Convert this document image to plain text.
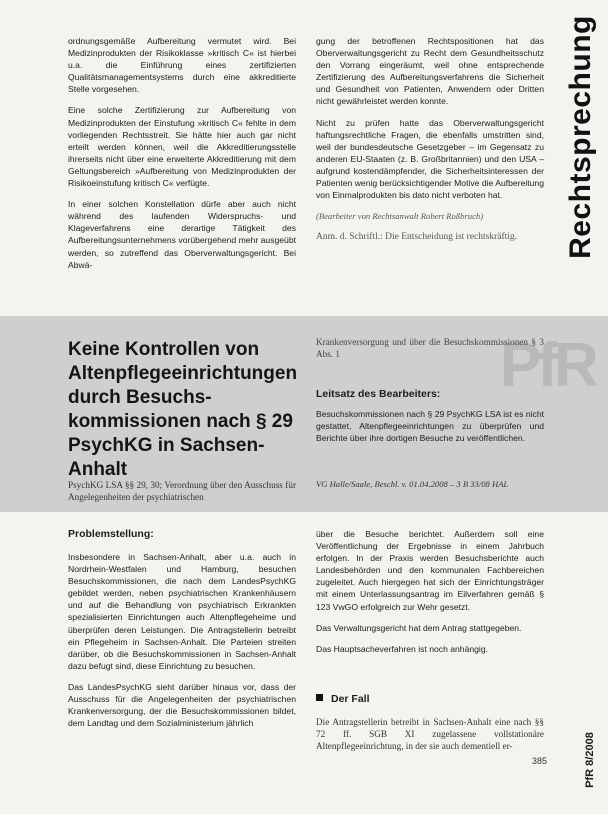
Rechtsprechung

ordnungsgemäße Aufbereitung vermutet wird. Bei Medizinprodukten der Risikoklasse »kritisch C« ist hierbei u.a. die Einführung eines zertifizierten Qualitätsmanagementsystems durch eine akkreditierte Stelle vorgesehen.

Eine solche Zertifizierung zur Aufbereitung von Medizinprodukten der Einstufung »kritisch C« fehlte in dem vorliegenden Rechtsstreit. Sie hätte hier auch gar nicht erteilt werden können, weil die Akkreditierungsstelle ihrerseits nicht über eine erweiterte Akkreditierung mit dem Geltungsbereich »Aufbereitung von Medizinprodukten der Risikoeinstufung kritisch C« verfügte.

In einer solchen Konstellation dürfe aber auch nicht während des laufenden Widerspruchs- und Klageverfahrens eine derartige Tätigkeit des Aufbereitungsunternehmens vorübergehend mehr ausgeübt werden, so zutreffend das Oberverwaltungsgericht. Bei Abwä-

gung der betroffenen Rechtspositionen hat das Oberverwaltungsgericht zu Recht dem Gesundheitsschutz den Vorrang eingeräumt, weil ohne entsprechende Zertifizierung des Aufbereitungsverfahrens die Sicherheit und Gesundheit von Patienten, Anwendern oder Dritten nicht gewährleistet werden konnte.

Nicht zu prüfen hatte das Oberverwaltungsgericht haftungsrechtliche Fragen, die ebenfalls umstritten sind, weil der bundesdeutsche Gesetzgeber – im Gegensatz zu anderen EU-Staaten (z. B. Großbritannien) und den USA – aufgrund kostendämpfender, die Sicherheitsinteressen der Patienten wenig berücksichtigender Motive die Aufbereitung von Einmalprodukten bis dato nicht verboten hat.

(Bearbeiter von Rechtsanwalt Robert Roßbruch)

Anm. d. Schriftl.: Die Entscheidung ist rechtskräftig.

PfR
Keine Kontrollen von
Altenpflegeeinrichtungen
durch Besuchs-
kommissionen nach § 29
PsychKG in Sachsen-Anhalt
PsychKG LSA §§ 29, 30; Verordnung über den Ausschuss für Angelegenheiten der psychiatrischen
Krankenversorgung und über die Besuchskommissionen § 3 Abs. 1
Leitsatz des Bearbeiters:
Besuchskommissionen nach § 29 PsychKG LSA ist es nicht gestattet, Altenpflegeeinrichtungen zu überprüfen und Berichte über ihre dortigen Besuche zu veröffentlichen.
VG Halle/Saale, Beschl. v. 01.04.2008 – 3 B 33/08 HAL
Problemstellung:

Insbesondere in Sachsen-Anhalt, aber u.a. auch in Nordrhein-Westfalen und Hamburg, besuchen Besuchskommissionen, die nach dem LandesPsychKG gebildet werden, neben psychiatrischen Krankenhäusern und auf die Behandlung von psychiatrisch Erkrankten spezialisierten Einrichtungen auch Altenpflegeheime und überprüfen deren Leistungen. Die Antragstellerin betreibt ein Pflegeheim in Sachsen-Anhalt. Die Parteien streiten darüber, ob die Besuchskommissionen in Sachsen-Anhalt dazu befugt sind, diese Einrichtung zu besuchen.

Das LandesPsychKG sieht darüber hinaus vor, dass der Ausschuss für die Angelegenheiten der psychiatrischen Krankenversorgung, der die Besuchskommissionen bildet, dem Landtag und dem Sozialministerium jährlich

über die Besuche berichtet. Außerdem soll eine Veröffentlichung der Ergebnisse in einem Jahrbuch erfolgen. In der Praxis werden Besuchsberichte auch Landesbehörden und den kommunalen Fachbereichen zugeleitet. Auch hiergegen hat sich der Einrichtungsträger mit einem Unterlassungsantrag im Eilverfahren gemäß § 123 VwGO erfolgreich zur Wehr gesetzt.

Das Verwaltungsgericht hat dem Antrag stattgegeben.

Das Hauptsacheverfahren ist noch anhängig.

Der Fall
Die Antragstellerin betreibt in Sachsen-Anhalt eine nach §§ 72 ff. SGB XI zugelassene vollstationäre Altenpflegeeinrichtung, in der sie auch dementiell er-
385	PfR 8/2008
